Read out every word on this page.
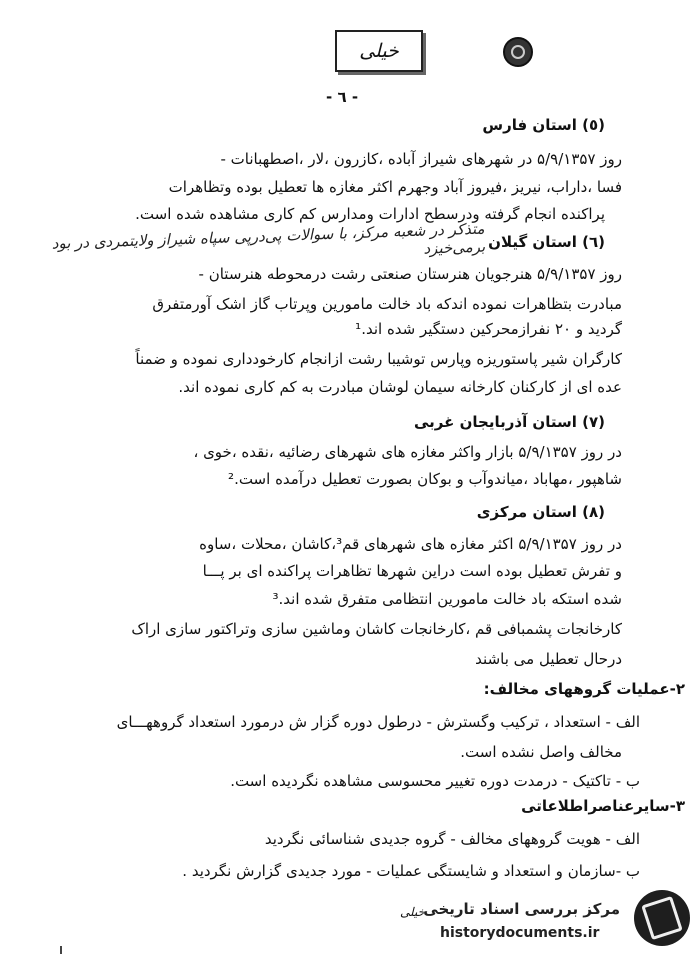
خیلی
- ٦ -
(٥) استان فارس
روز ۵/۹/۱۳۵۷ در شهرهای شیراز آباده ،کازرون ،لار ،اصطهبانات -
فسا ،داراب، نیریز ،فیروز آباد وجهرم اکثر مغازه ها تعطیل بوده وتظاهرات
پراکنده انجام گرفته ودرسطح ادارات ومدارس کم کاری مشاهده شده است.
(٦) استان گیلان
متذکر در شعبه مرکز، با سوالات پی‌درپی سپاه شیراز ولایتمردی در بود برمی‌خیزد
روز ۵/۹/۱۳۵۷ هنرجویان هنرستان صنعتی رشت درمحوطه هنرستان -
مبادرت بتظاهرات نموده اندکه باد خالت مامورین وپرتاب گاز اشک آورمتفرق
گردید و ۲۰ نفرازمحرکین دستگیر شده اند.¹
کارگران شیر پاستوریزه وپارس توشیبا رشت ازانجام کارخودداری نموده و ضمناً
عده ای از کارکنان کارخانه سیمان لوشان مبادرت به کم کاری نموده اند.
(۷) استان آذربایجان غربی
در روز ۵/۹/۱۳۵۷ بازار واکثر مغازه های شهرهای رضائیه ،نقده ،خوی ،
شاهپور ،مهاباد ،میاندوآب و بوکان بصورت تعطیل درآمده است.²
(۸) استان مرکزی
در روز ۵/۹/۱۳۵۷ اکثر مغازه های شهرهای قم³،کاشان ،محلات ،ساوه
و تفرش تعطیل بوده است دراین شهرها تظاهرات پراکنده ای بر پـــا
شده استکه باد خالت مامورین انتظامی متفرق شده اند.³
کارخانجات پشمبافی قم ،کارخانجات کاشان وماشین سازی وتراکتور سازی اراک
درحال تعطیل می باشند
۲-عملیات گروههای مخالف:
الف - استعداد ، ترکیب وگسترش - درطول دوره گزار ش درمورد استعداد گروههـــای
مخالف واصل نشده است.
ب - تاکتیک - درمدت دوره تغییر محسوسی مشاهده نگردیده است.
۳-سایرعناصراطلاعاتی
الف - هویت گروههای مخالف - گروه جدیدی شناسائی نگردید
ب -سازمان و استعداد و شایستگی عملیات - مورد جدیدی گزارش نگردید .
خیلی
مرکز بررسی اسناد تاریخی
historydocuments.ir
